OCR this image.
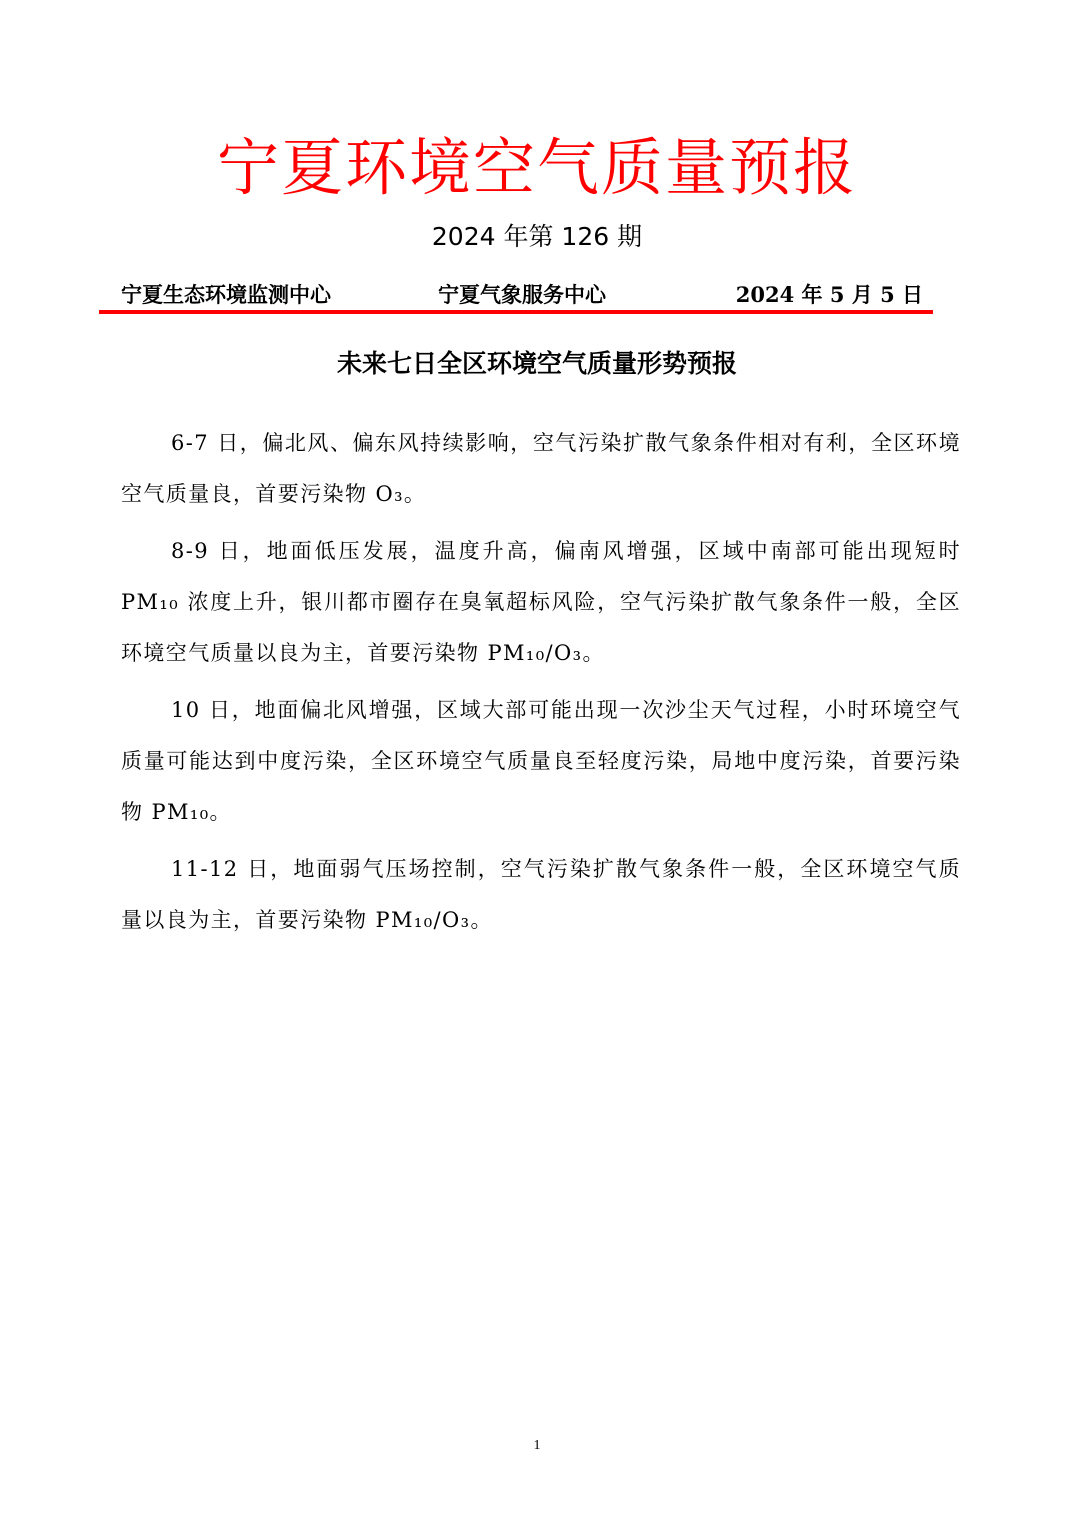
宁夏环境空气质量预报
2024 年第 126 期
宁夏生态环境监测中心	宁夏气象服务中心	2024 年 5 月 5 日
未来七日全区环境空气质量形势预报

6-7 日，偏北风、偏东风持续影响，空气污染扩散气象条件相对有利，全区环境空气质量良，首要污染物 O₃。

8-9 日，地面低压发展，温度升高，偏南风增强，区域中南部可能出现短时 PM₁₀ 浓度上升，银川都市圈存在臭氧超标风险，空气污染扩散气象条件一般，全区环境空气质量以良为主，首要污染物 PM₁₀/O₃。

10 日，地面偏北风增强，区域大部可能出现一次沙尘天气过程，小时环境空气质量可能达到中度污染，全区环境空气质量良至轻度污染，局地中度污染，首要污染物 PM₁₀。

11-12 日，地面弱气压场控制，空气污染扩散气象条件一般，全区环境空气质量以良为主，首要污染物 PM₁₀/O₃。

1
